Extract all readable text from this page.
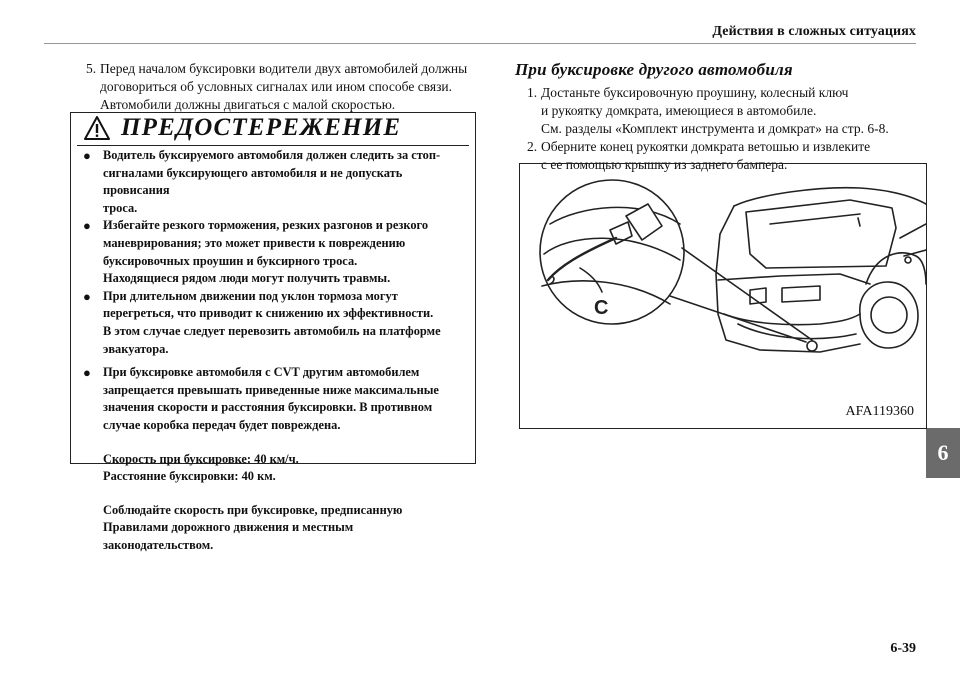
Действия в сложных ситуациях
6
5. Перед началом буксировки водители двух автомобилей должны
договориться об условных сигналах или ином способе связи.
Автомобили должны двигаться с малой скоростью.
ПРЕДОСТЕРЕЖЕНИЕ
● Водитель буксируемого автомобиля должен следить за стоп-
сигналами буксирующего автомобиля и не допускать провисания
троса.
● Избегайте резкого торможения, резких разгонов и резкого
маневрирования; это может привести к повреждению
буксировочных проушин и буксирного троса.
Находящиеся рядом люди могут получить травмы.
● При длительном движении под уклон тормоза могут
перегреться, что приводит к снижению их эффективности.
В этом случае следует перевозить автомобиль на платформе
эвакуатора.
● При буксировке автомобиля с CVT другим автомобилем
запрещается превышать приведенные ниже максимальные
значения скорости и расстояния буксировки. В противном
случае коробка передач будет повреждена.
Скорость при буксировке: 40 км/ч.
Расстояние буксировки: 40 км.
Соблюдайте скорость при буксировке, предписанную
Правилами дорожного движения и местным законодательством.
При буксировке другого автомобиля
1. Достаньте буксировочную проушину, колесный ключ
и рукоятку домкрата, имеющиеся в автомобиле.
См. разделы «Комплект инструмента и домкрат» на стр. 6-8.
2. Оберните конец рукоятки домкрата ветошью и извлеките
с ее помощью крышку из заднего бампера.
C
AFA119360
6-39
